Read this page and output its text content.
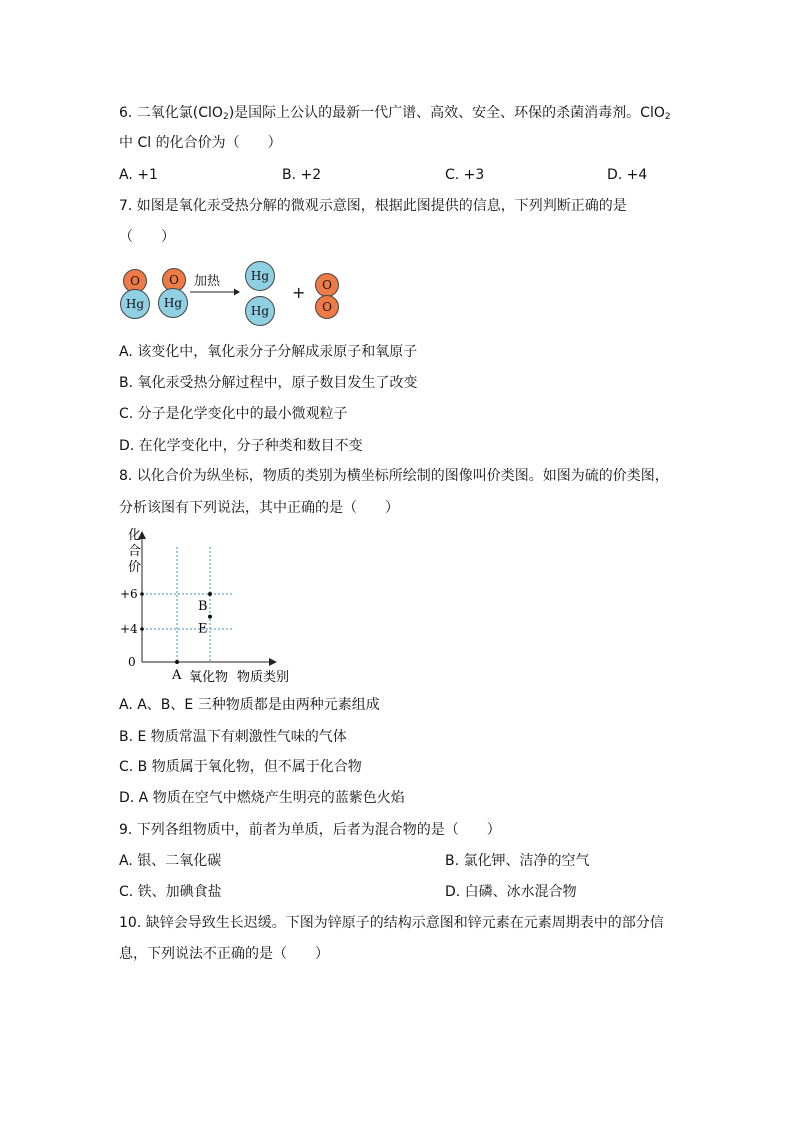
6. 二氧化氯(ClO$_2$)是国际上公认的最新一代广谱、高效、安全、环保的杀菌消毒剂。ClO$_2$
中 Cl 的化合价为（　　）
A. +1	B. +2	C. +3	D. +4
7. 如图是氧化汞受热分解的微观示意图，根据此图提供的信息，下列判断正确的是
（　　）
O
Hg
O
Hg
加热	Hg
Hg
+	O
O
A. 该变化中，氧化汞分子分解成汞原子和氧原子
B. 氧化汞受热分解过程中，原子数目发生了改变
C. 分子是化学变化中的最小微观粒子
D. 在化学变化中，分子种类和数目不变
8. 以化合价为纵坐标，物质的类别为横坐标所绘制的图像叫价类图。如图为硫的价类图，
分析该图有下列说法，其中正确的是（　　）
化
合
价
+6
+4
0
B
E
A 氧化物 物质类别
A. A、B、E 三种物质都是由两种元素组成
B. E 物质常温下有刺激性气味的气体
C. B 物质属于氧化物，但不属于化合物
D. A 物质在空气中燃烧产生明亮的蓝紫色火焰
9. 下列各组物质中，前者为单质，后者为混合物的是（　　）
A. 银、二氧化碳	B. 氯化钾、洁净的空气
C. 铁、加碘食盐	D. 白磷、冰水混合物
10. 缺锌会导致生长迟缓。下图为锌原子的结构示意图和锌元素在元素周期表中的部分信
息，下列说法不正确的是（　　）
